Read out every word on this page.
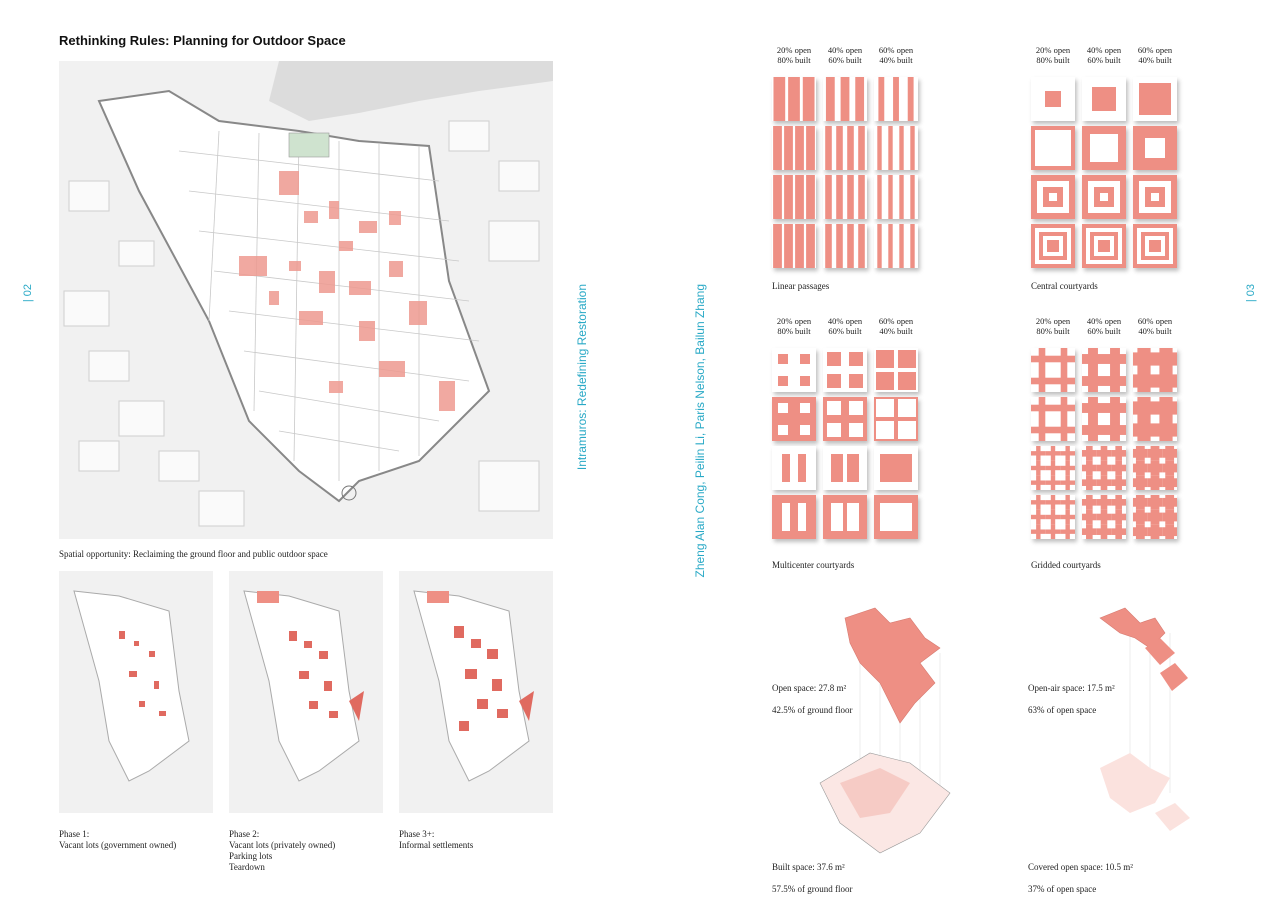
Rethinking Rules: Planning for Outdoor Space
| 02
Spatial opportunity: Reclaiming the ground floor and public outdoor space
Phase 1:
Vacant lots (government owned)
Phase 2:
Vacant lots (privately owned)
Parking lots
Teardown
Phase 3+:
Informal settlements
Intramuros: Redefining Restoration	Zheng Alan Cong, Peilin Li, Paris Nelson, Bailun Zhang	| 03
20% open
80% built
40% open
60% built
60% open
40% built
Linear passages
20% open
80% built
40% open
60% built
60% open
40% built
Central courtyards
20% open
80% built
40% open
60% built
60% open
40% built
Multicenter courtyards
20% open
80% built
40% open
60% built
60% open
40% built
Gridded courtyards

Open space: 27.8 m²

42.5% of ground floor

Built space: 37.6 m²

57.5% of ground floor

Open-air space: 17.5 m²

63% of open space

Covered open space: 10.5 m²

37% of open space
